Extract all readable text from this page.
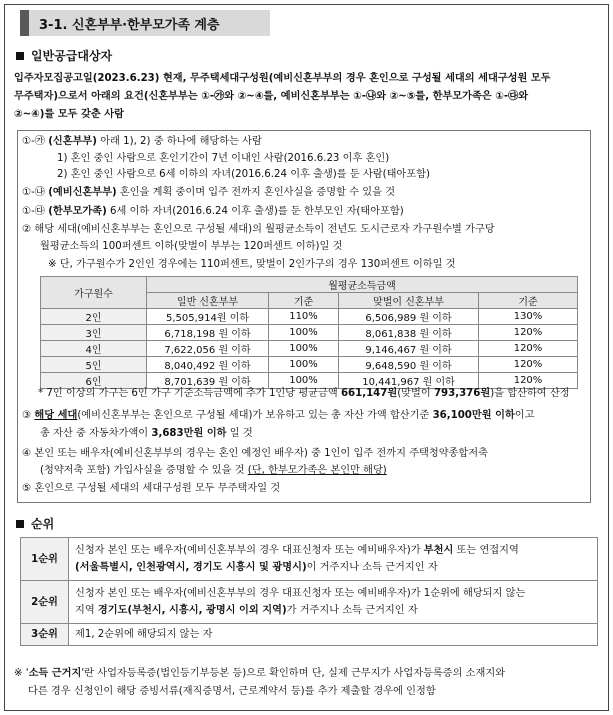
3-1. 신혼부부·한부모가족 계층
일반공급대상자
입주자모집공고일(2023.6.23) 현재, 무주택세대구성원(예비신혼부부의 경우 혼인으로 구성될 세대의 세대구성원 모두
무주택자)으로서 아래의 요건(신혼부부는 ①-㉮와 ②~④를, 예비신혼부부는 ①-㉯와 ②~⑤를, 한부모가족은 ①-㉰와
②~④)를 모두 갖춘 사람
①-㉮ (신혼부부) 아래 1), 2) 중 하나에 해당하는 사람
1) 혼인 중인 사람으로 혼인기간이 7년 이내인 사람(2016.6.23 이후 혼인)
2) 혼인 중인 사람으로 6세 이하의 자녀(2016.6.24 이후 출생)를 둔 사람(태아포함)
①-㉯ (예비신혼부부) 혼인을 계획 중이며 입주 전까지 혼인사실을 증명할 수 있을 것
①-㉰ (한부모가족) 6세 이하 자녀(2016.6.24 이후 출생)를 둔 한부모인 자(태아포함)
② 해당 세대(예비신혼부부는 혼인으로 구성될 세대)의 월평균소득이 전년도 도시근로자 가구원수별 가구당
월평균소득의 100퍼센트 이하(맞벌이 부부는 120퍼센트 이하)일 것
※ 단, 가구원수가 2인인 경우에는 110퍼센트, 맞벌이 2인가구의 경우 130퍼센트 이하일 것
가구원수	월평균소득금액			
	일반 신혼부부	기준	맞벌이 신혼부부	기준
2인	5,505,914원 이하	110%	6,506,989 원 이하	130%
3인	6,718,198 원 이하	100%	8,061,838 원 이하	120%
4인	7,622,056 원 이하	100%	9,146,467 원 이하	120%
5인	8,040,492 원 이하	100%	9,648,590 원 이하	120%
6인	8,701,639 원 이하	100%	10,441,967 원 이하	120%
* 7인 이상의 가구는 6인 가구 기준소득금액에 추가 1인당 평균금액 661,147원(맞벌이 793,376원)을 합산하여 산정
③ 해당 세대(예비신혼부부는 혼인으로 구성될 세대)가 보유하고 있는 총 자산 가액 합산기준 36,100만원 이하이고
총 자산 중 자동차가액이 3,683만원 이하 일 것
④ 본인 또는 배우자(예비신혼부부의 경우는 혼인 예정인 배우자) 중 1인이 입주 전까지 주택청약종합저축
(청약저축 포함) 가입사실을 증명할 수 있을 것 (단, 한부모가족은 본인만 해당)
⑤ 혼인으로 구성될 세대의 세대구성원 모두 무주택자일 것
순위
1순위	신청자 본인 또는 배우자(예비신혼부부의 경우 대표신청자 또는 예비배우자)가 부천시 또는 연접지역
(서울특별시, 인천광역시, 경기도 시흥시 및 광명시)이 거주지나 소득 근거지인 자

2순위	신청자 본인 또는 배우자(예비신혼부부의 경우 대표신청자 또는 예비배우자)가 1순위에 해당되지 않는
지역 경기도(부천시, 시흥시, 광명시 이외 지역)가 거주지나 소득 근거지인 자

3순위	제1, 2순위에 해당되지 않는 자
※ '소득 근거지'란 사업자등록증(법인등기부등본 등)으로 확인하며 단, 실제 근무지가 사업자등록증의 소재지와
다른 경우 신청인이 해당 증빙서류(재직증명서, 근로계약서 등)를 추가 제출할 경우에 인정함
